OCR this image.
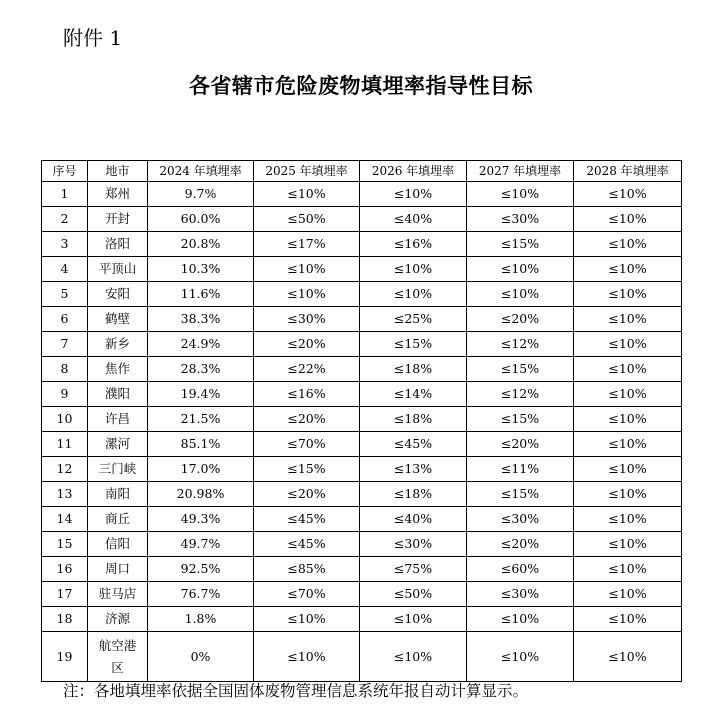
附件 1
各省辖市危险废物填埋率指导性目标
序号	地市	2024 年填埋率	2025 年填埋率	2026 年填埋率	2027 年填埋率	2028 年填埋率
1	郑州	9.7%	≤10%	≤10%	≤10%	≤10%
2	开封	60.0%	≤50%	≤40%	≤30%	≤10%
3	洛阳	20.8%	≤17%	≤16%	≤15%	≤10%
4	平顶山	10.3%	≤10%	≤10%	≤10%	≤10%
5	安阳	11.6%	≤10%	≤10%	≤10%	≤10%
6	鹤壁	38.3%	≤30%	≤25%	≤20%	≤10%
7	新乡	24.9%	≤20%	≤15%	≤12%	≤10%
8	焦作	28.3%	≤22%	≤18%	≤15%	≤10%
9	濮阳	19.4%	≤16%	≤14%	≤12%	≤10%
10	许昌	21.5%	≤20%	≤18%	≤15%	≤10%
11	漯河	85.1%	≤70%	≤45%	≤20%	≤10%
12	三门峡	17.0%	≤15%	≤13%	≤11%	≤10%
13	南阳	20.98%	≤20%	≤18%	≤15%	≤10%
14	商丘	49.3%	≤45%	≤40%	≤30%	≤10%
15	信阳	49.7%	≤45%	≤30%	≤20%	≤10%
16	周口	92.5%	≤85%	≤75%	≤60%	≤10%
17	驻马店	76.7%	≤70%	≤50%	≤30%	≤10%
18	济源	1.8%	≤10%	≤10%	≤10%	≤10%
19	航空港区	0%	≤10%	≤10%	≤10%	≤10%
注：各地填埋率依据全国固体废物管理信息系统年报自动计算显示。
